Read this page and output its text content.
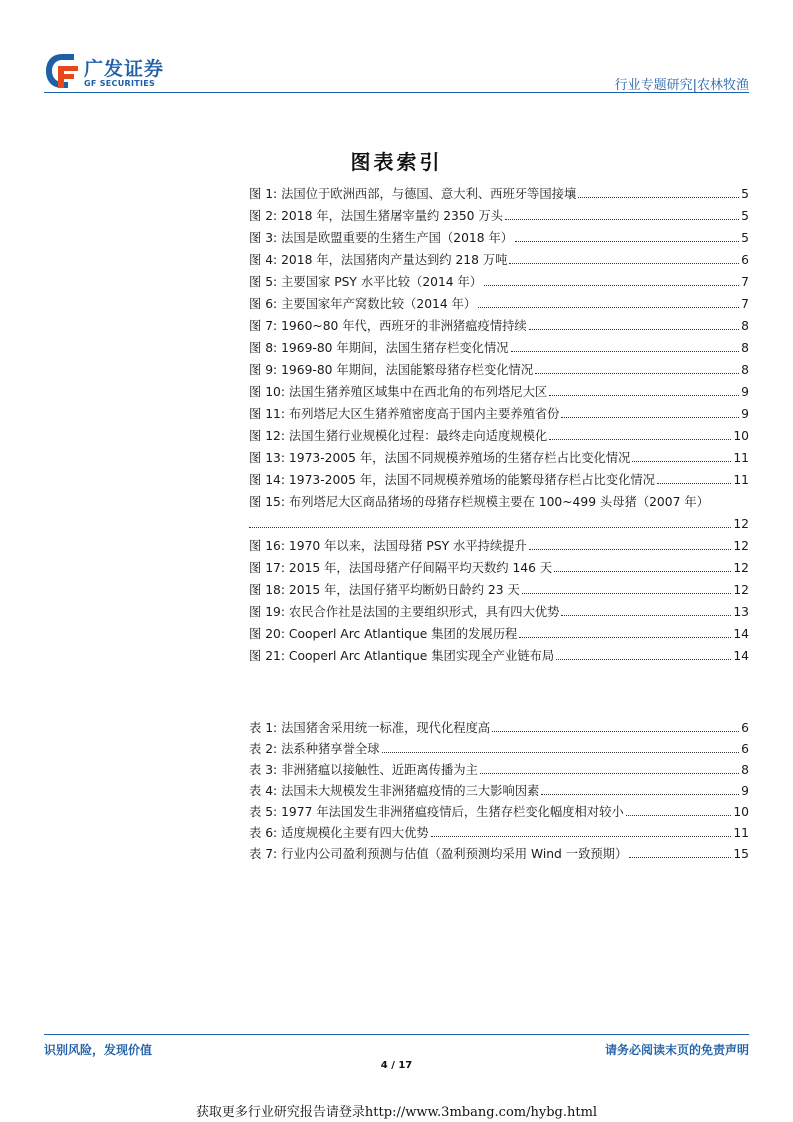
广发证券
GF SECURITIES	行业专题研究|农林牧渔
图表索引
图 1: 法国位于欧洲西部，与德国、意大利、西班牙等国接壤	5
图 2: 2018 年，法国生猪屠宰量约 2350 万头	5
图 3: 法国是欧盟重要的生猪生产国（2018 年）	5
图 4: 2018 年，法国猪肉产量达到约 218 万吨	6
图 5: 主要国家 PSY 水平比较（2014 年）	7
图 6: 主要国家年产窝数比较（2014 年）	7
图 7: 1960~80 年代，西班牙的非洲猪瘟疫情持续	8
图 8: 1969-80 年期间，法国生猪存栏变化情况	8
图 9: 1969-80 年期间，法国能繁母猪存栏变化情况	8
图 10: 法国生猪养殖区域集中在西北角的布列塔尼大区	9
图 11: 布列塔尼大区生猪养殖密度高于国内主要养殖省份	9
图 12: 法国生猪行业规模化过程：最终走向适度规模化	10
图 13: 1973-2005 年，法国不同规模养殖场的生猪存栏占比变化情况	11
图 14: 1973-2005 年，法国不同规模养殖场的能繁母猪存栏占比变化情况	11
图 15: 布列塔尼大区商品猪场的母猪存栏规模主要在 100~499 头母猪（2007 年）
12
图 16: 1970 年以来，法国母猪 PSY 水平持续提升	12
图 17: 2015 年，法国母猪产仔间隔平均天数约 146 天	12
图 18: 2015 年，法国仔猪平均断奶日龄约 23 天	12
图 19: 农民合作社是法国的主要组织形式，具有四大优势	13
图 20: Cooperl Arc Atlantique 集团的发展历程	14
图 21: Cooperl Arc Atlantique 集团实现全产业链布局	14
表 1: 法国猪舍采用统一标准，现代化程度高	6
表 2: 法系种猪享誉全球	6
表 3: 非洲猪瘟以接触性、近距离传播为主	8
表 4: 法国未大规模发生非洲猪瘟疫情的三大影响因素	9
表 5: 1977 年法国发生非洲猪瘟疫情后，生猪存栏变化幅度相对较小	10
表 6: 适度规模化主要有四大优势	11
表 7: 行业内公司盈利预测与估值（盈利预测均采用 Wind 一致预期）	15
识别风险，发现价值	请务必阅读末页的免责声明
4 / 17
获取更多行业研究报告请登录http://www.3mbang.com/hybg.html
